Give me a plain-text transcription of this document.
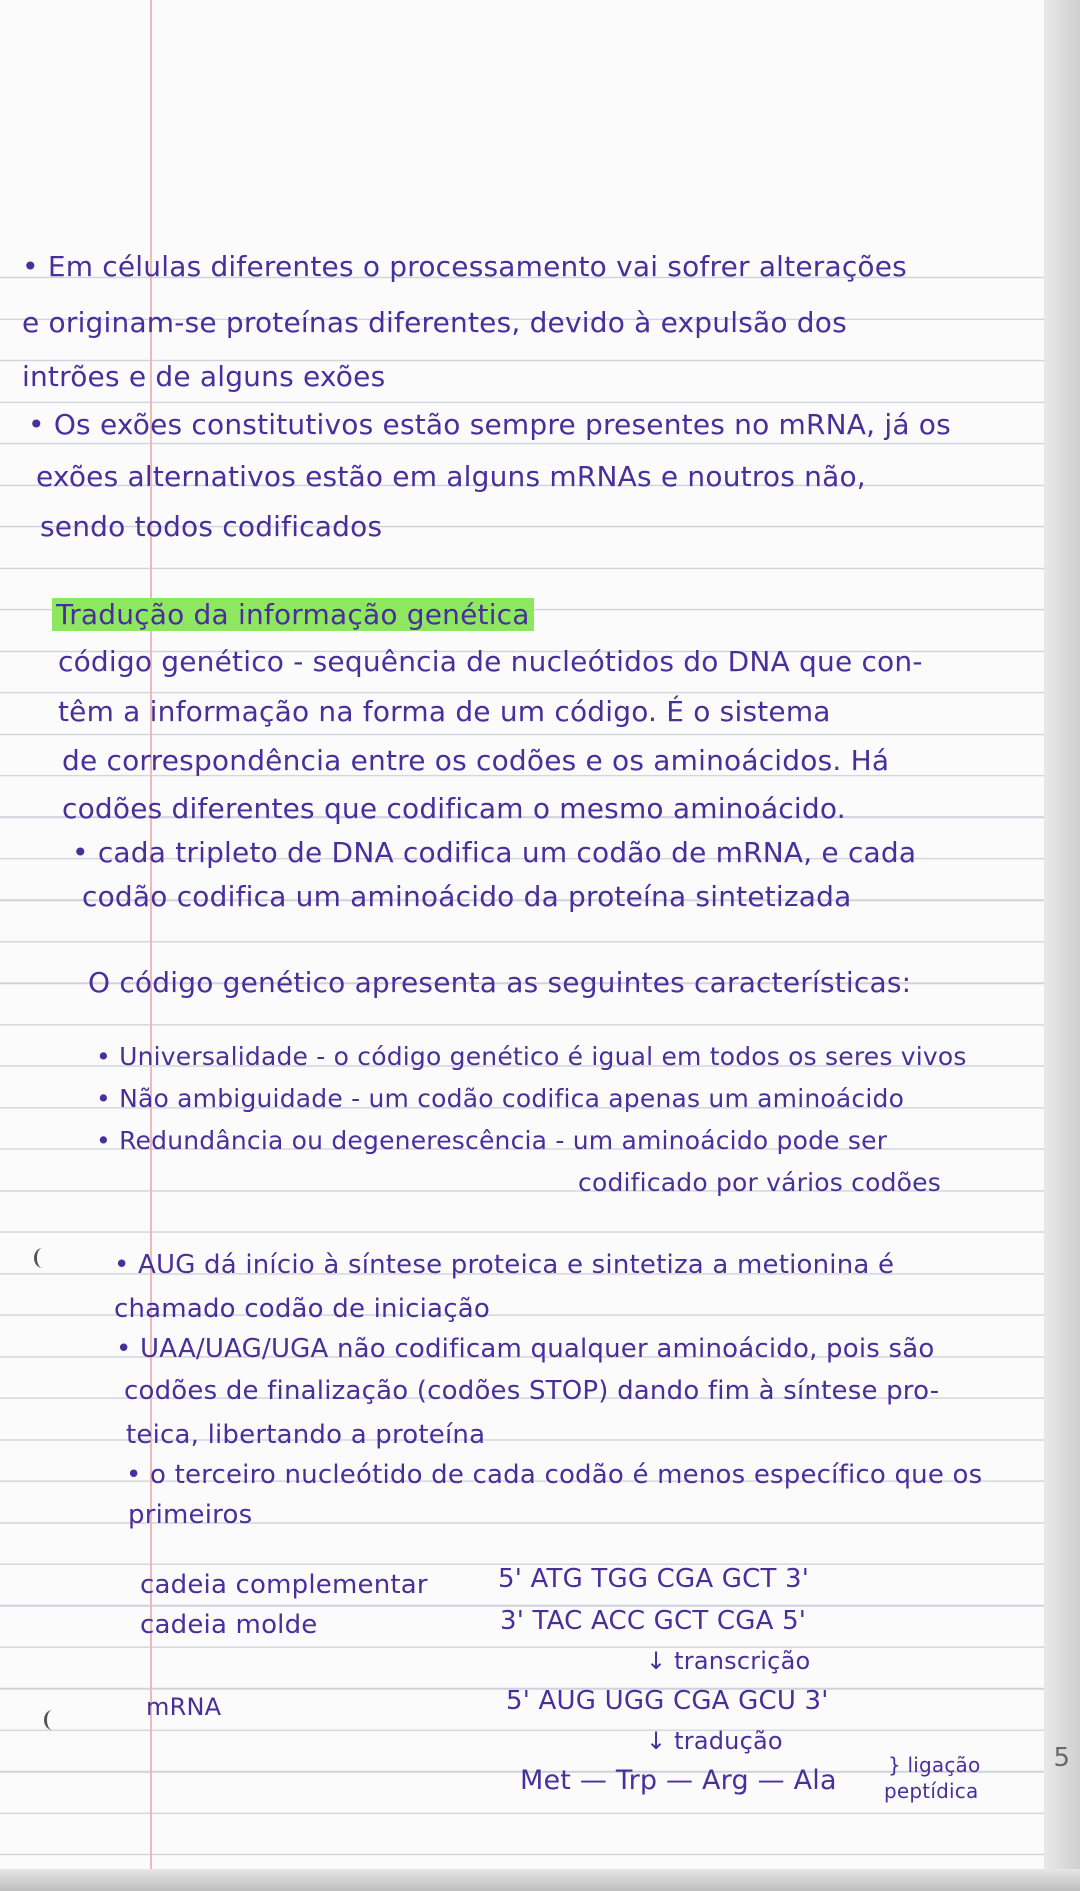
• Em células diferentes o processamento vai sofrer alterações
e originam-se proteínas diferentes, devido à expulsão dos
intrões e de alguns exões
• Os exões constitutivos estão sempre presentes no mRNA, já os
exões alternativos estão em alguns mRNAs e noutros não,
sendo todos codificados
Tradução da informação genética
código genético - sequência de nucleótidos do DNA que con-
têm a informação na forma de um código. É o sistema
de correspondência entre os codões e os aminoácidos. Há
codões diferentes que codificam o mesmo aminoácido.
• cada tripleto de DNA codifica um codão de mRNA, e cada
codão codifica um aminoácido da proteína sintetizada
O código genético apresenta as seguintes características:
• Universalidade - o código genético é igual em todos os seres vivos
• Não ambiguidade - um codão codifica apenas um aminoácido
• Redundância ou degenerescência - um aminoácido pode ser
codificado por vários codões
• AUG dá início à síntese proteica e sintetiza a metionina é
chamado codão de iniciação
• UAA/UAG/UGA não codificam qualquer aminoácido, pois são
codões de finalização (codões STOP) dando fim à síntese pro-
teica, libertando a proteína
• o terceiro nucleótido de cada codão é menos específico que os
primeiros
cadeia complementar	5' ATG TGG CGA GCT 3'
cadeia molde	3' TAC ACC GCT CGA 5'
↓ transcrição
mRNA	5' AUG UGG CGA GCU 3'
↓ tradução
Met — Trp — Arg — Ala	} ligação
peptídica
5
